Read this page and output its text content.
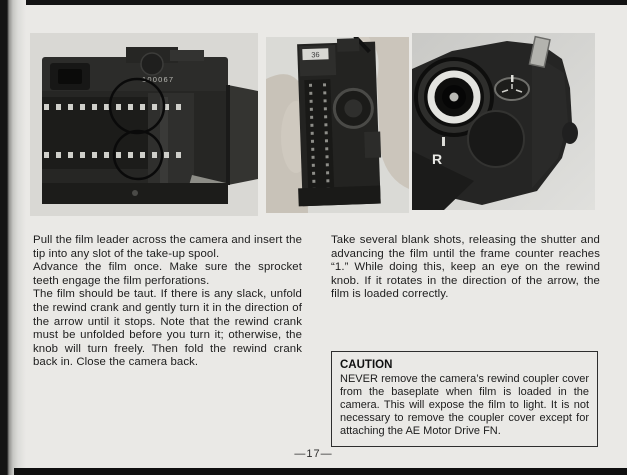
100067
36
R

Pull the film leader across the camera and insert the tip into any slot of the take-up spool.

Advance the film once. Make sure the sprocket teeth engage the film perforations.

The film should be taut. If there is any slack, unfold the rewind crank and gently turn it in the direction of the arrow until it stops. Note that the rewind crank must be unfolded before you turn it; otherwise, the knob will turn freely. Then fold the rewind crank back in. Close the camera back.

Take several blank shots, releasing the shutter and advancing the film until the frame counter reaches “1.” While doing this, keep an eye on the rewind knob. If it rotates in the direction of the arrow, the film is loaded correctly.

CAUTION
NEVER remove the camera’s rewind coupler cover from the baseplate when film is loaded in the camera. This will expose the film to light. It is not necessary to remove the coupler cover except for attaching the AE Motor Drive FN.
—17—
